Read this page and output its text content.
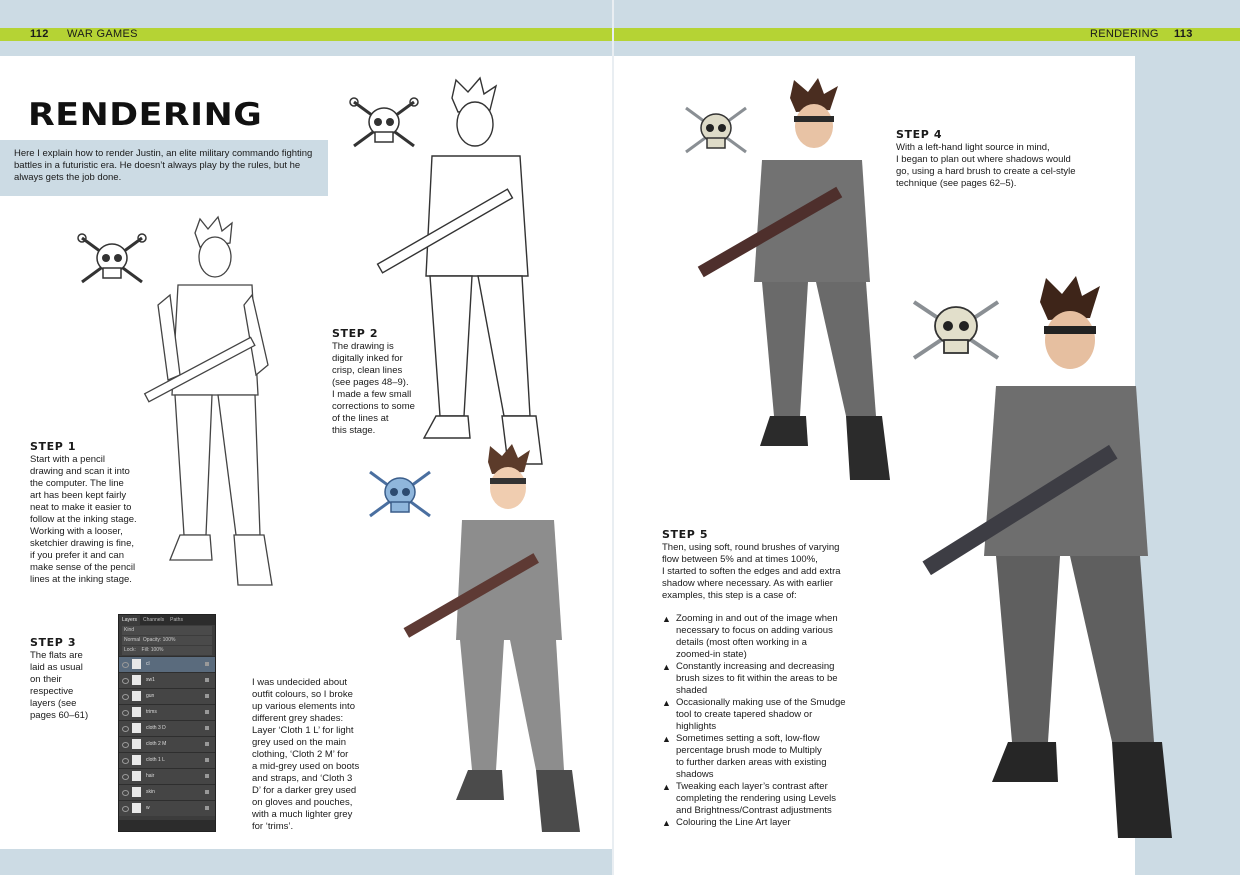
112 WAR GAMES	RENDERING 113
RENDERING
Here I explain how to render Justin, an elite military commando fighting battles in a futuristic era. He doesn’t always play by the rules, but he always gets the job done.
STEP 1
Start with a pencil
drawing and scan it into
the computer. The line
art has been kept fairly
neat to make it easier to
follow at the inking stage.
Working with a looser,
sketchier drawing is fine,
if you prefer it and can
make sense of the pencil
lines at the inking stage.
STEP 2
The drawing is
digitally inked for
crisp, clean lines
(see pages 48–9).
I made a few small
corrections to some
of the lines at
this stage.
STEP 3
The flats are
laid as usual
on their
respective
layers (see
pages 60–61)
Layers	Channels	Paths
Kind
Normal Opacity: 100%
Lock: Fill: 100%
cl
sw1
gun
trims
cloth 3 D
cloth 2 M
cloth 1 L
hair
skin
w
I was undecided about
outfit colours, so I broke
up various elements into
different grey shades:
Layer ‘Cloth 1 L’ for light
grey used on the main
clothing, ‘Cloth 2 M’ for
a mid-grey used on boots
and straps, and ‘Cloth 3
D’ for a darker grey used
on gloves and pouches,
with a much lighter grey
for ‘trims’.
STEP 4
With a left-hand light source in mind,
I began to plan out where shadows would
go, using a hard brush to create a cel-style
technique (see pages 62–5).
STEP 5
Then, using soft, round brushes of varying
flow between 5% and at times 100%,
I started to soften the edges and add extra
shadow where necessary. As with earlier
examples, this step is a case of:
▲ Zooming in and out of the image when
necessary to focus on adding various
details (most often working in a
zoomed-in state)
▲ Constantly increasing and decreasing
brush sizes to fit within the areas to be
shaded
▲ Occasionally making use of the Smudge
tool to create tapered shadow or
highlights
▲ Sometimes setting a soft, low-flow
percentage brush mode to Multiply
to further darken areas with existing
shadows
▲ Tweaking each layer’s contrast after
completing the rendering using Levels
and Brightness/Contrast adjustments
▲ Colouring the Line Art layer
